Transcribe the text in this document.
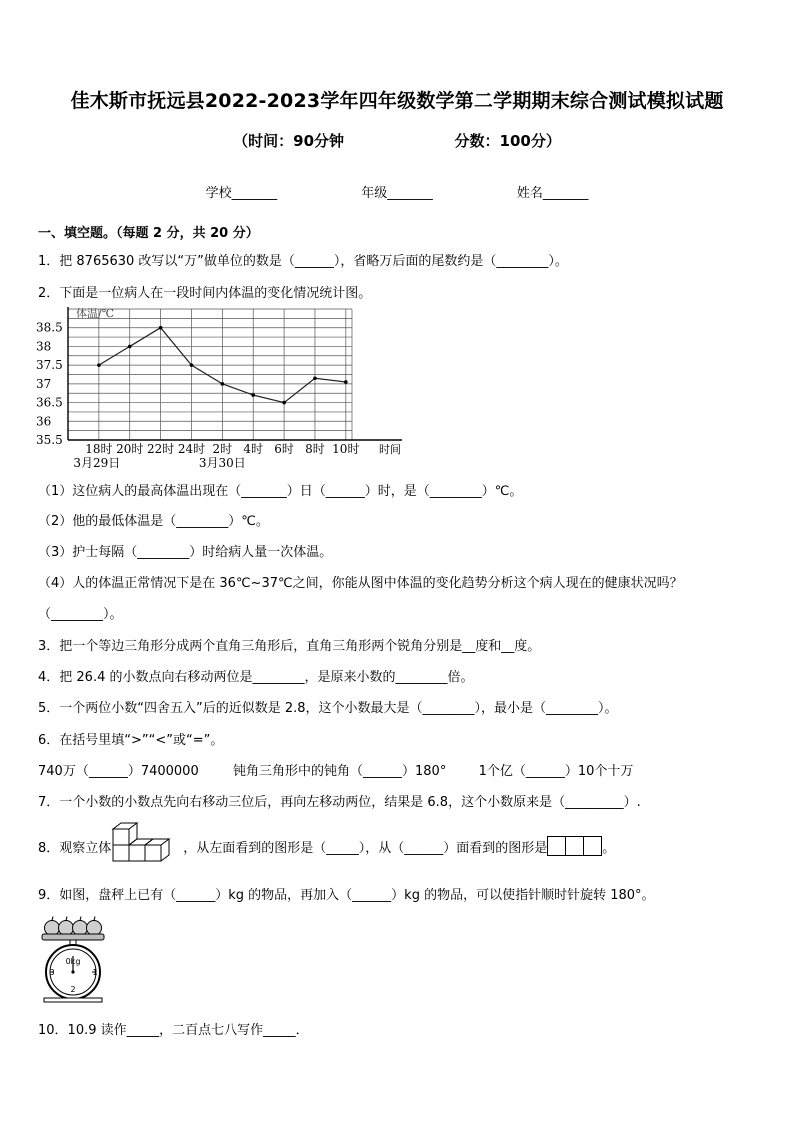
佳木斯市抚远县2022-2023学年四年级数学第二学期期末综合测试模拟试题
（时间：90分钟	分数：100分）
学校_______	年级_______	姓名_______
一、填空题。（每题 2 分，共 20 分）
1．把 8765630 改写以“万”做单位的数是（______），省略万后面的尾数约是（________）。
2．下面是一位病人在一段时间内体温的变化情况统计图。
38.5
38
37.5
37
36.5
36
35.5
体温/℃
18时 20时 22时 24时 2时 4时 6时 8时 10时 时间
3月29日	3月30日
（1）这位病人的最高体温出现在（_______）日（______）时，是（________）℃。
（2）他的最低体温是（________）℃。
（3）护士每隔（________）时给病人量一次体温。
（4）人的体温正常情况下是在 36℃~37℃之间，你能从图中体温的变化趋势分析这个病人现在的健康状况吗？
（________）。
3．把一个等边三角形分成两个直角三角形后，直角三角形两个锐角分别是__度和__度。
4．把 26.4 的小数点向右移动两位是________，是原来小数的________倍。
5．一个两位小数“四舍五入”后的近似数是 2.8，这个小数最大是（________），最小是（________）。
6．在括号里填“>”“<”或“=”。
740万（______）7400000	钝角三角形中的钝角（______）180° 1个亿（______）10个十万
7．一个小数的小数点先向右移动三位后，再向左移动两位，结果是 6.8，这个小数原来是（_________）.
8．观察立体	，从左面看到的图形是（_____），从（______）面看到的图形是	。
9．如图，盘秤上已有（______）kg 的物品，再加入（______）kg 的物品，可以使指针顺时针旋转 180°。
0kg
3	1
2
10．10.9 读作_____，二百点七八写作_____．
